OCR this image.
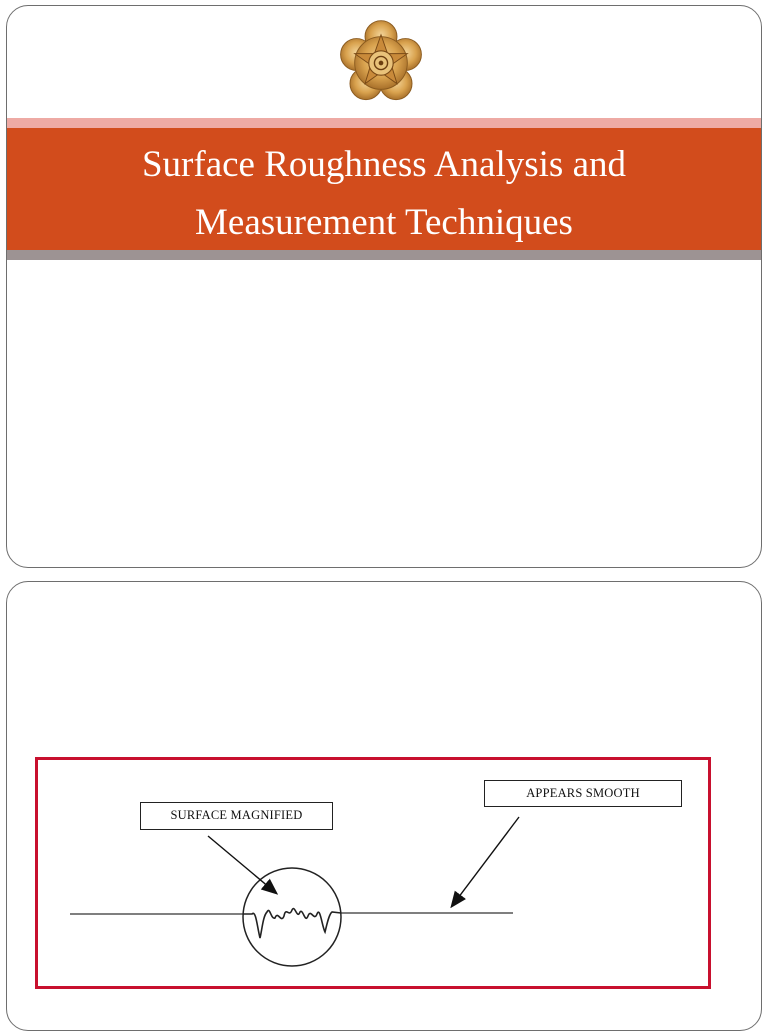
Surface Roughness Analysis and
Measurement Techniques
SURFACE MAGNIFIED
APPEARS SMOOTH
